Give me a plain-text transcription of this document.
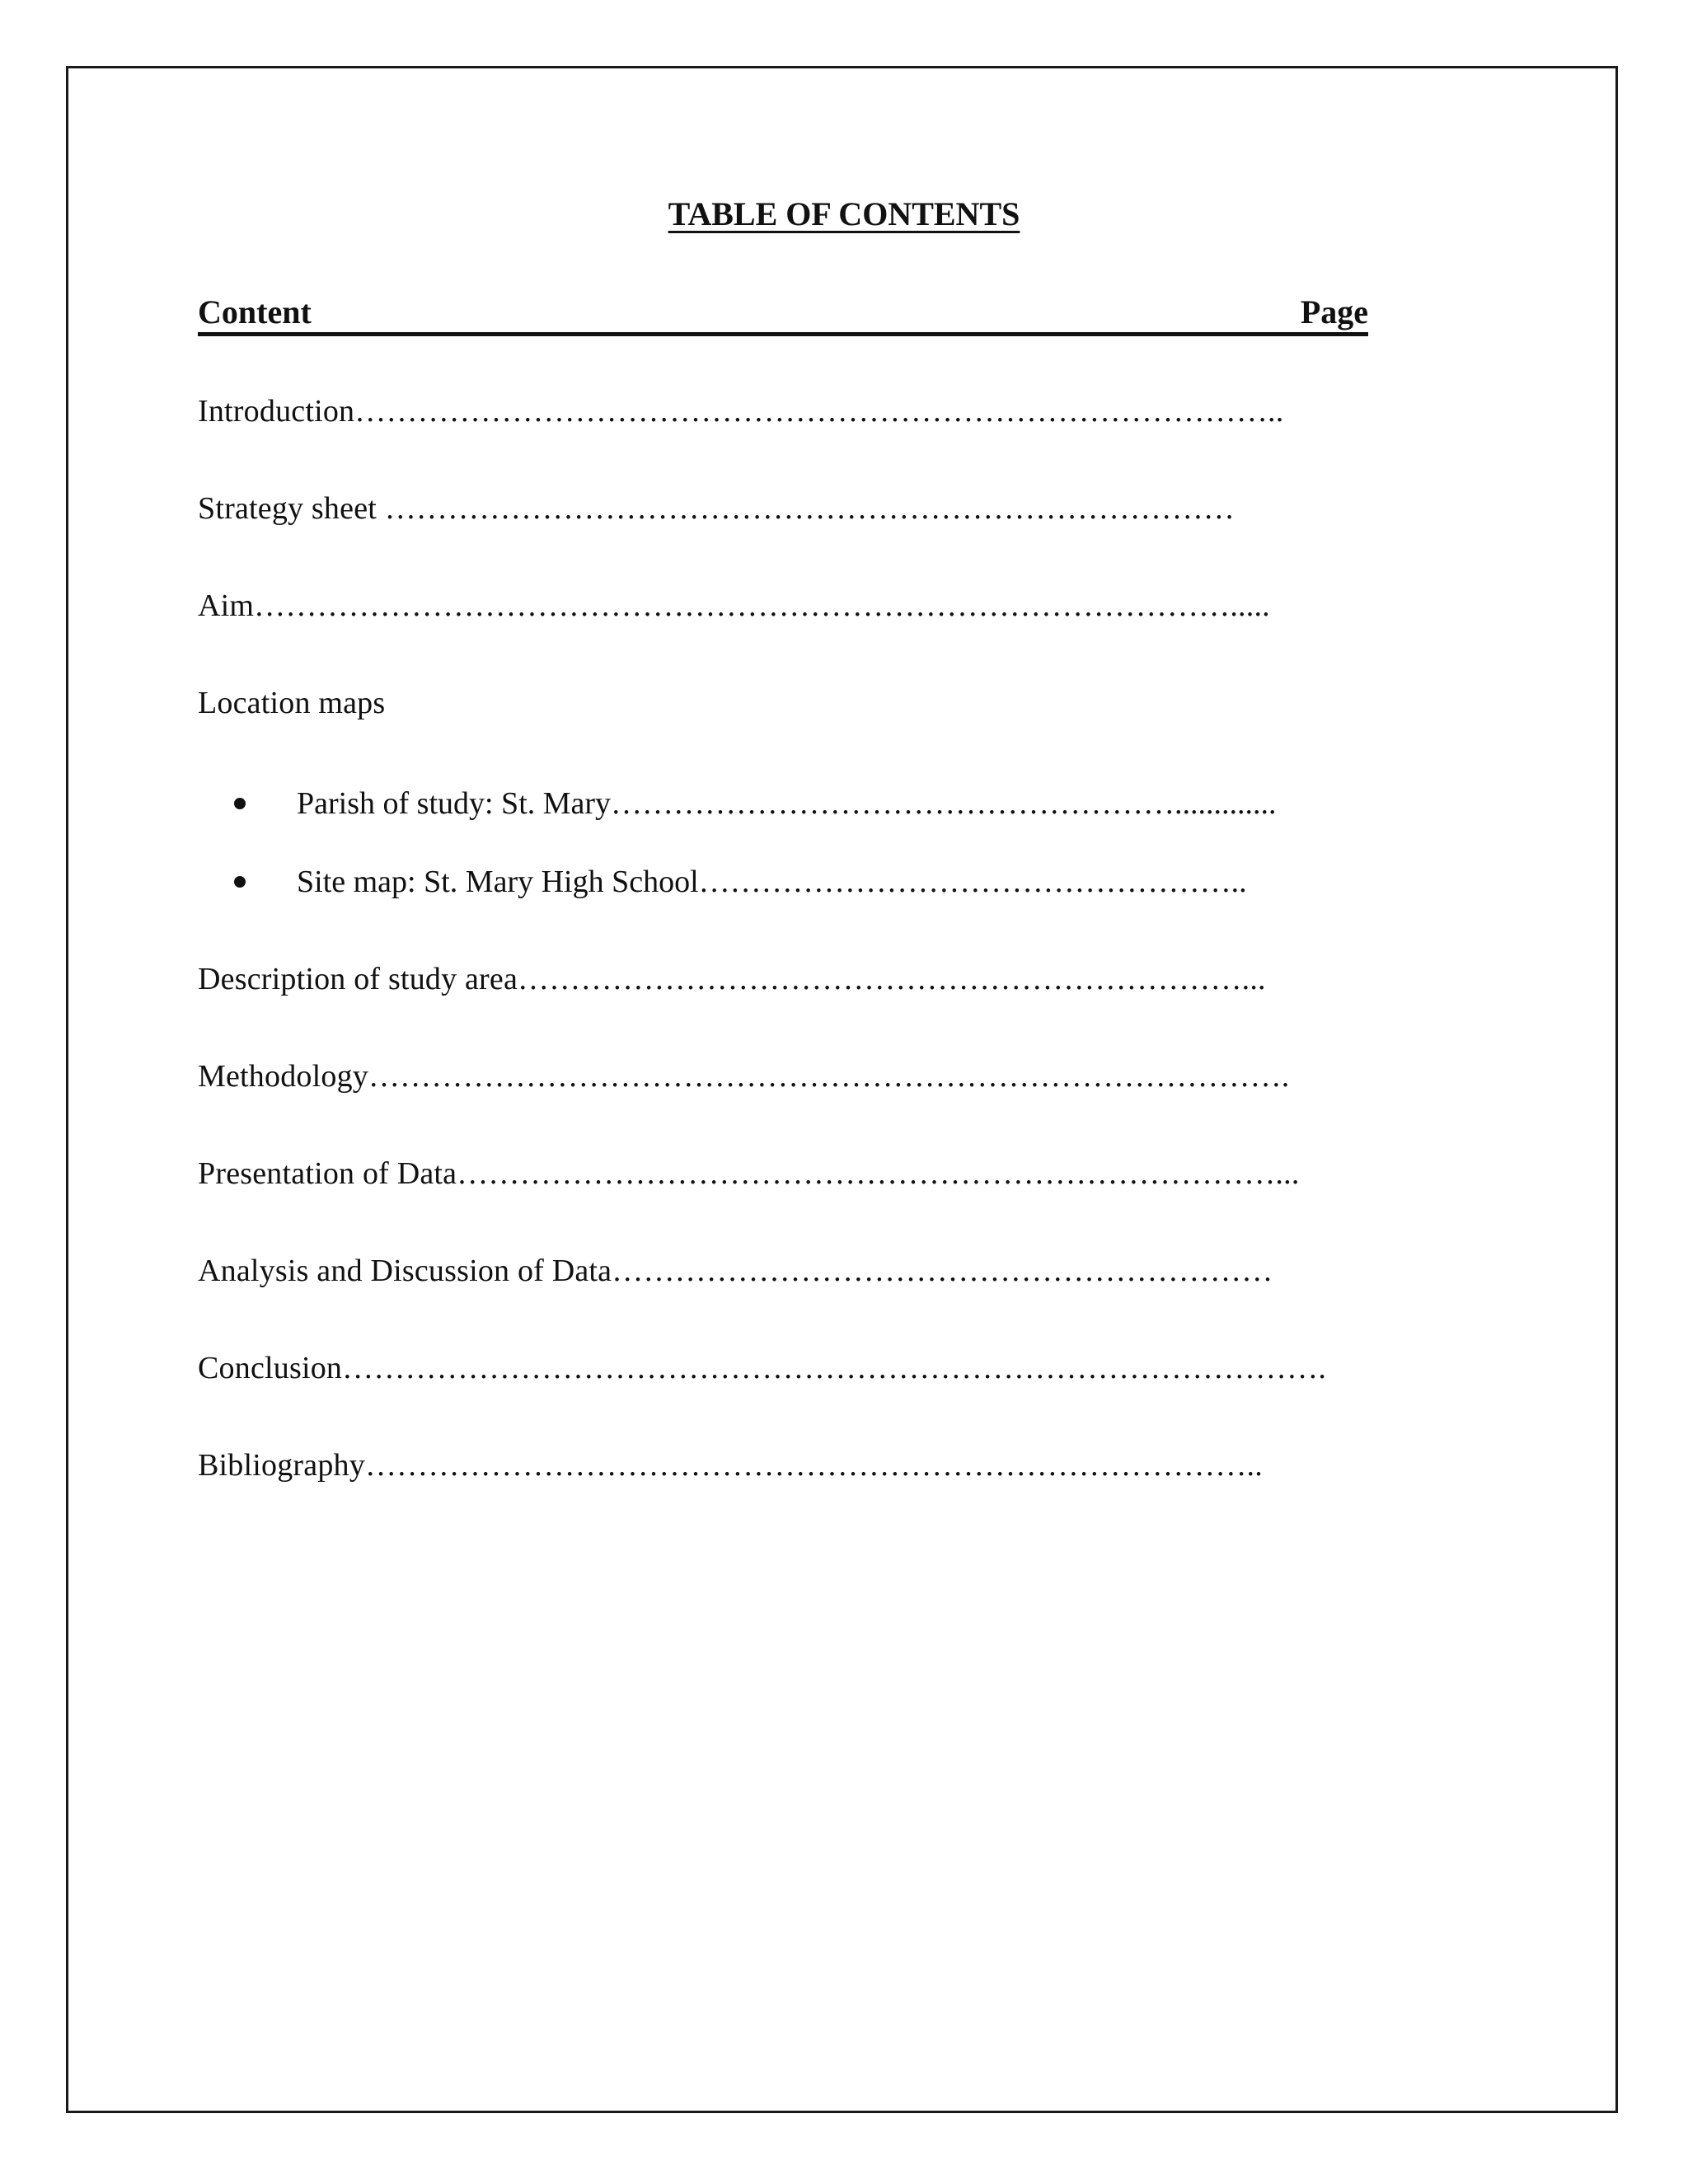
TABLE OF CONTENTS
Content	Page
Introduction……………………………………………………………………………..
Strategy sheet ………………………………………………………………………
Aim………………………………………………………………………………….....
Location maps
Parish of study: St. Mary……………………………………………….............
Site map: St. Mary High School……………………………………………..
Description of study area……………………………………………………………...
Methodology…………………………………………………………………………….
Presentation of Data……………………………………………………………………...
Analysis and Discussion of Data………………………………………………………
Conclusion………………………………………………………………………………….
Bibliography…………………………………………………………………………..
